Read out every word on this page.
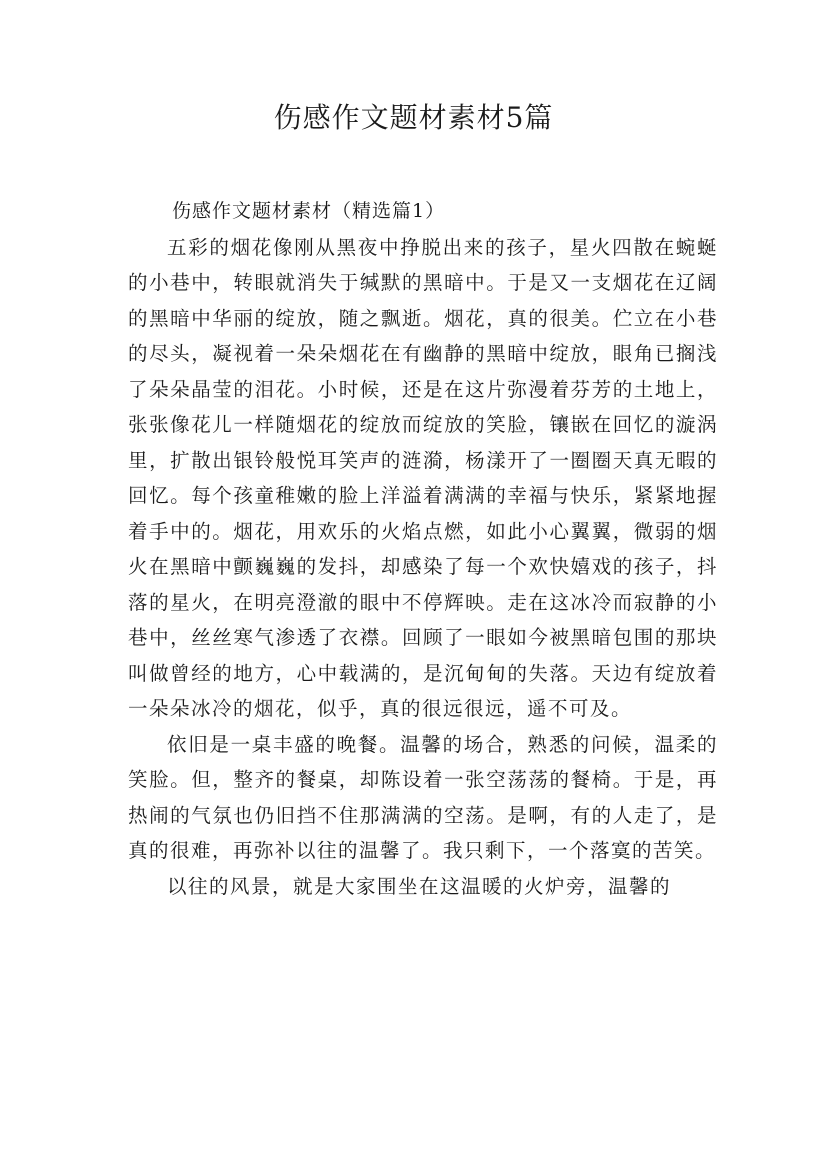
伤感作文题材素材5篇

伤感作文题材素材（精选篇1）

五彩的烟花像刚从黑夜中挣脱出来的孩子，星火四散在蜿蜒的小巷中，转眼就消失于缄默的黑暗中。于是又一支烟花在辽阔的黑暗中华丽的绽放，随之飘逝。烟花，真的很美。伫立在小巷的尽头，凝视着一朵朵烟花在有幽静的黑暗中绽放，眼角已搁浅了朵朵晶莹的泪花。小时候，还是在这片弥漫着芬芳的土地上，张张像花儿一样随烟花的绽放而绽放的笑脸，镶嵌在回忆的漩涡里，扩散出银铃般悦耳笑声的涟漪，杨漾开了一圈圈天真无暇的回忆。每个孩童稚嫩的脸上洋溢着满满的幸福与快乐，紧紧地握着手中的。烟花，用欢乐的火焰点燃，如此小心翼翼，微弱的烟火在黑暗中颤巍巍的发抖，却感染了每一个欢快嬉戏的孩子，抖落的星火，在明亮澄澈的眼中不停辉映。走在这冰冷而寂静的小巷中，丝丝寒气渗透了衣襟。回顾了一眼如今被黑暗包围的那块叫做曾经的地方，心中载满的，是沉甸甸的失落。天边有绽放着一朵朵冰冷的烟花，似乎，真的很远很远，遥不可及。

依旧是一桌丰盛的晚餐。温馨的场合，熟悉的问候，温柔的笑脸。但，整齐的餐桌，却陈设着一张空荡荡的餐椅。于是，再热闹的气氛也仍旧挡不住那满满的空荡。是啊，有的人走了，是真的很难，再弥补以往的温馨了。我只剩下，一个落寞的苦笑。

以往的风景，就是大家围坐在这温暖的火炉旁，温馨的
